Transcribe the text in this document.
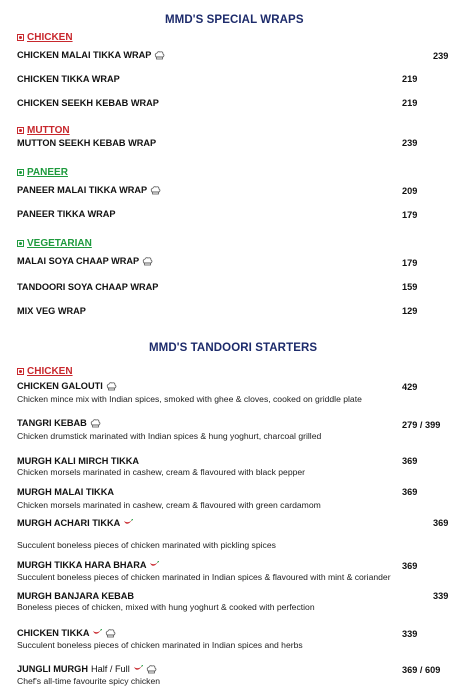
MMD'S SPECIAL WRAPS
CHICKEN
CHICKEN MALAI TIKKA WRAP	239
CHICKEN TIKKA WRAP	219
CHICKEN SEEKH KEBAB WRAP	219
MUTTON
MUTTON SEEKH KEBAB WRAP	239
PANEER
PANEER MALAI TIKKA WRAP	209
PANEER TIKKA WRAP	179
VEGETARIAN
MALAI SOYA CHAAP WRAP	179
TANDOORI SOYA CHAAP WRAP	159
MIX VEG WRAP	129
MMD'S TANDOORI STARTERS
CHICKEN
CHICKEN GALOUTI	429
Chicken mince mix with Indian spices, smoked with ghee & cloves, cooked on griddle plate
TANGRI KEBAB	279 / 399
Chicken drumstick marinated with Indian spices & hung yoghurt, charcoal grilled
MURGH KALI MIRCH TIKKA	369
Chicken morsels marinated in cashew, cream & flavoured with black pepper
MURGH MALAI TIKKA	369
Chicken morsels marinated in cashew, cream & flavoured with green cardamom
MURGH ACHARI TIKKA	369
Succulent boneless pieces of chicken marinated with pickling spices
MURGH TIKKA HARA BHARA	369
Succulent boneless pieces of chicken marinated in Indian spices & flavoured with mint & coriander
MURGH BANJARA KEBAB	339
Boneless pieces of chicken, mixed with hung yoghurt & cooked with perfection
CHICKEN TIKKA	339
Succulent boneless pieces of chicken marinated in Indian spices and herbs
JUNGLI MURGH Half / Full	369 / 609
Chef's all-time favourite spicy chicken
